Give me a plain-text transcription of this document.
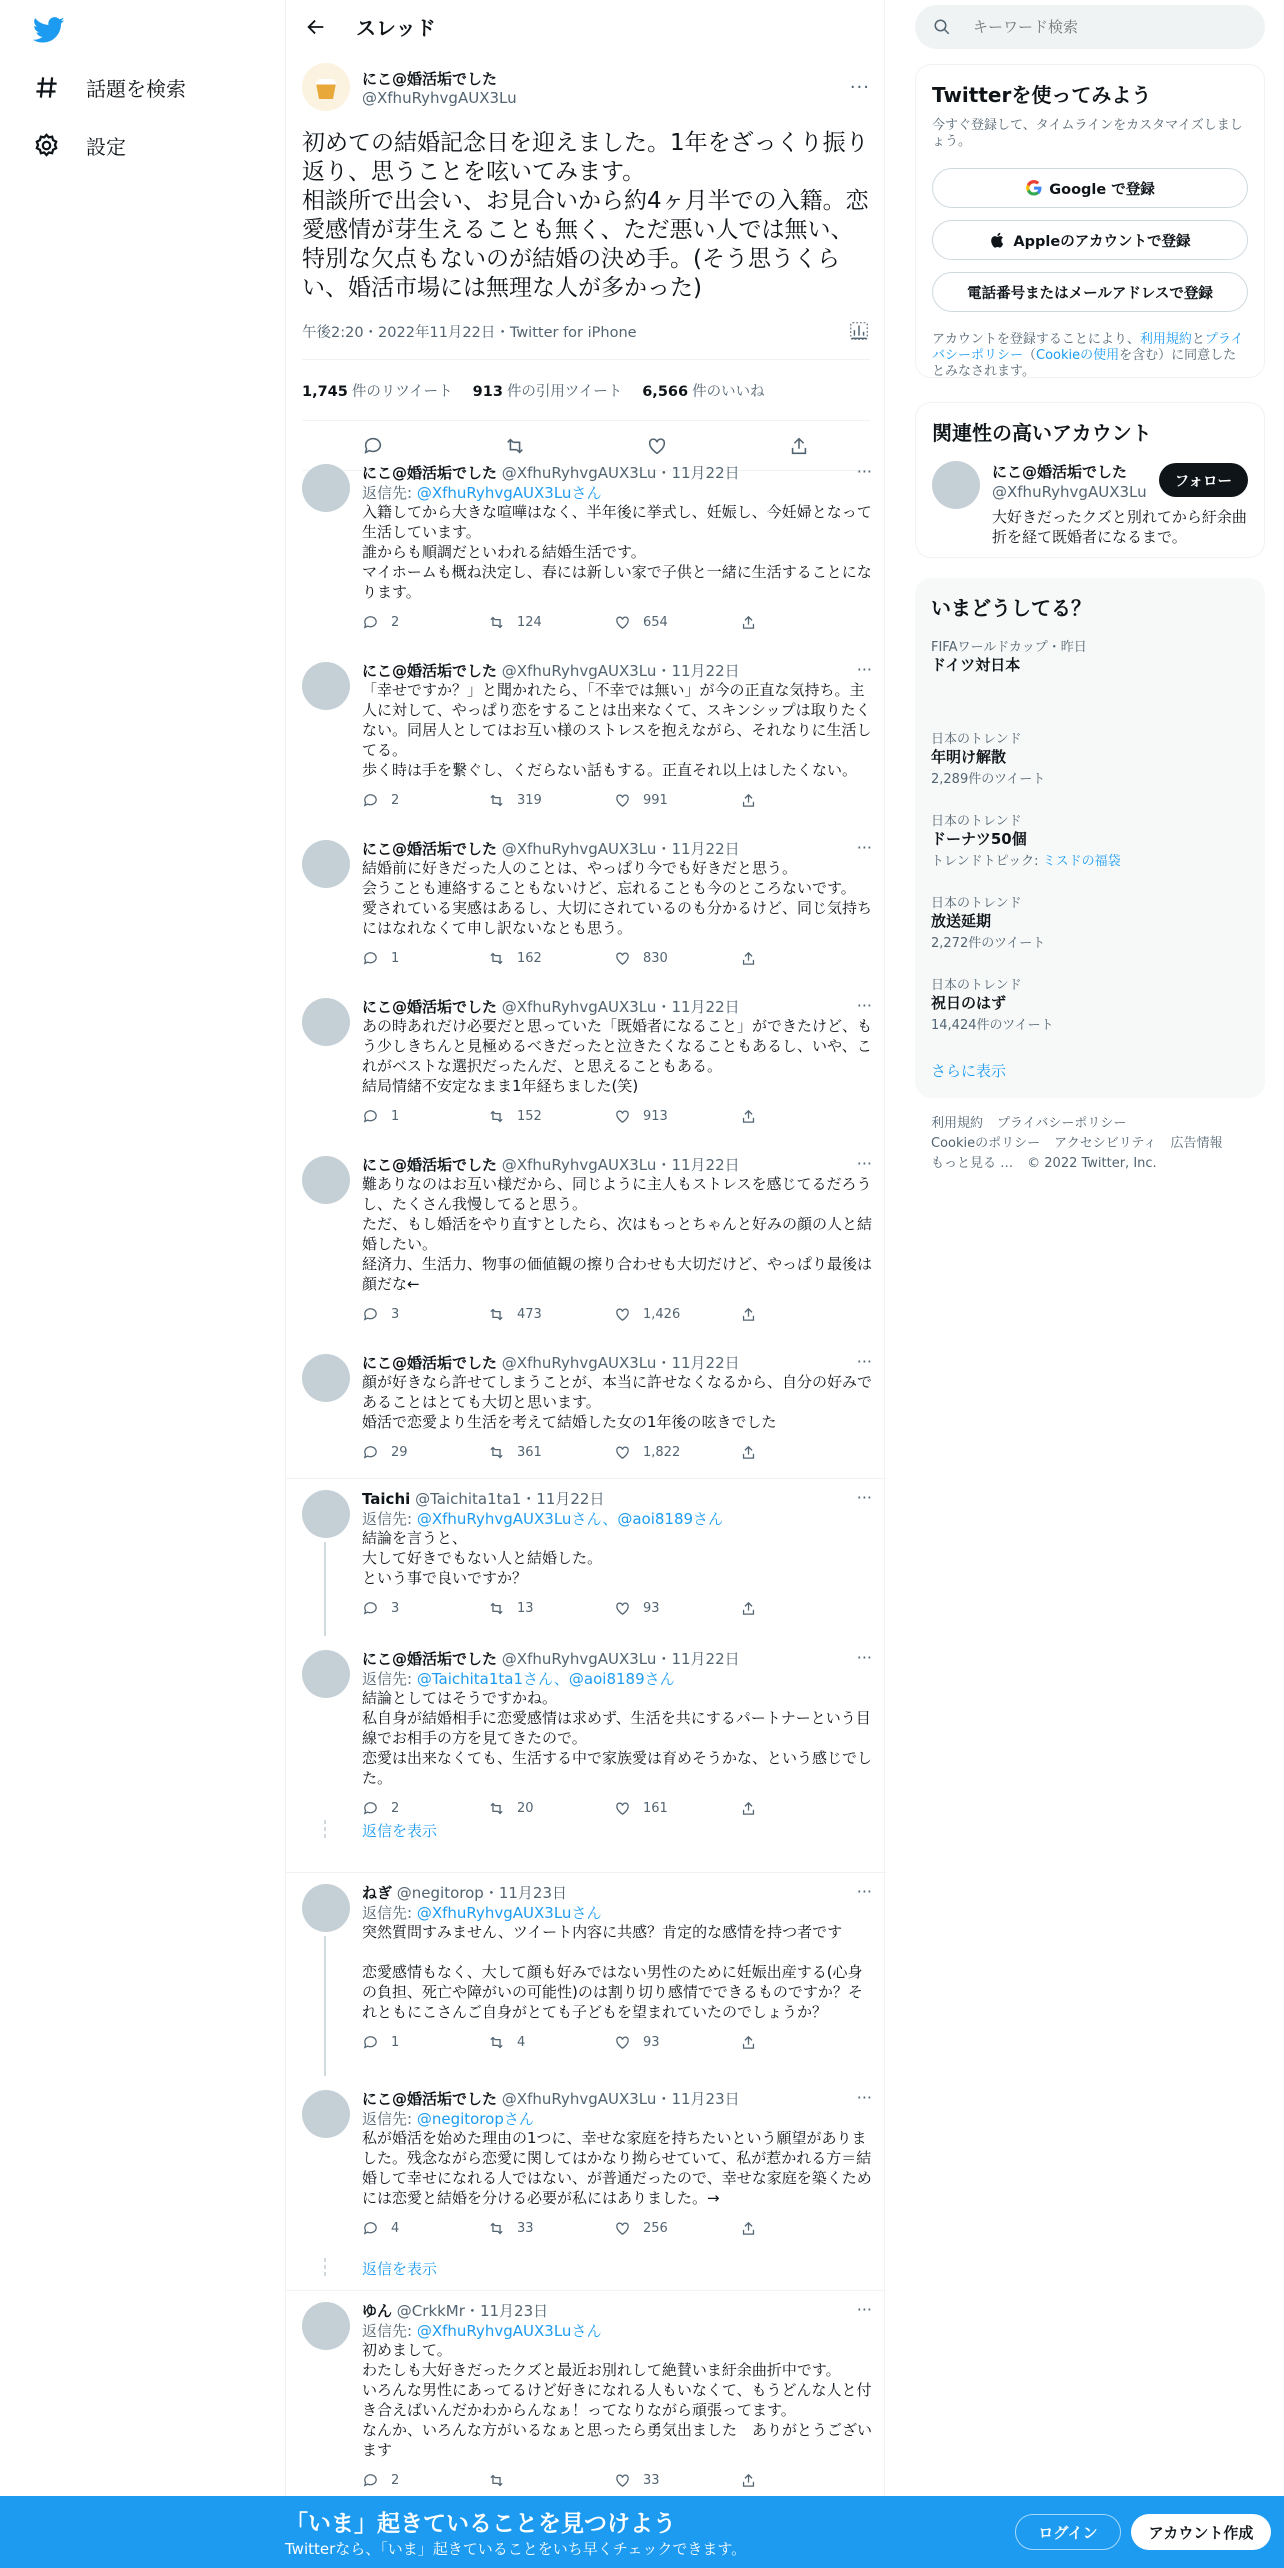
話題を検索
設定
スレッド
にこ@婚活垢でした
@XfhuRyhvgAUX3Lu	···
初めての結婚記念日を迎えました。1年をざっくり振り返り、思うことを呟いてみます。
相談所で出会い、お見合いから約4ヶ月半での入籍。恋愛感情が芽生えることも無く、ただ悪い人では無い、特別な欠点もないのが結婚の決め手。(そう思うくらい、婚活市場には無理な人が多かった)
午後2:20・2022年11月22日・Twitter for iPhone
1,745 件のリツイート 913 件の引用ツイート 6,566 件のいいね
にこ@婚活垢でした @XfhuRyhvgAUX3Lu・11月22日	···
返信先: @XfhuRyhvgAUX3Luさん
入籍してから大きな喧嘩はなく、半年後に挙式し、妊娠し、今妊婦となって生活しています。
誰からも順調だといわれる結婚生活です。
マイホームも概ね決定し、春には新しい家で子供と一緒に生活することになります。
2	124	654
にこ@婚活垢でした @XfhuRyhvgAUX3Lu・11月22日	···
「幸せですか？」と聞かれたら、「不幸では無い」が今の正直な気持ち。主人に対して、やっぱり恋をすることは出来なくて、スキンシップは取りたくない。同居人としてはお互い様のストレスを抱えながら、それなりに生活してる。
歩く時は手を繋ぐし、くだらない話もする。正直それ以上はしたくない。
2	319	991
にこ@婚活垢でした @XfhuRyhvgAUX3Lu・11月22日	···
結婚前に好きだった人のことは、やっぱり今でも好きだと思う。
会うことも連絡することもないけど、忘れることも今のところないです。
愛されている実感はあるし、大切にされているのも分かるけど、同じ気持ちにはなれなくて申し訳ないなとも思う。
1	162	830
にこ@婚活垢でした @XfhuRyhvgAUX3Lu・11月22日	···
あの時あれだけ必要だと思っていた「既婚者になること」ができたけど、もう少しきちんと見極めるべきだったと泣きたくなることもあるし、いや、これがベストな選択だったんだ、と思えることもある。
結局情緒不安定なまま1年経ちました(笑)
1	152	913
にこ@婚活垢でした @XfhuRyhvgAUX3Lu・11月22日	···
難ありなのはお互い様だから、同じように主人もストレスを感じてるだろうし、たくさん我慢してると思う。
ただ、もし婚活をやり直すとしたら、次はもっとちゃんと好みの顔の人と結婚したい。
経済力、生活力、物事の価値観の擦り合わせも大切だけど、やっぱり最後は顔だな←
3	473	1,426
にこ@婚活垢でした @XfhuRyhvgAUX3Lu・11月22日	···
顔が好きなら許せてしまうことが、本当に許せなくなるから、自分の好みであることはとても大切と思います。
婚活で恋愛より生活を考えて結婚した女の1年後の呟きでした
29	361	1,822
Taichi @Taichita1ta1・11月22日	···
返信先: @XfhuRyhvgAUX3Luさん、@aoi8189さん
結論を言うと、
大して好きでもない人と結婚した。
という事で良いですか？
3	13	93
にこ@婚活垢でした @XfhuRyhvgAUX3Lu・11月22日	···
返信先: @Taichita1ta1さん、@aoi8189さん
結論としてはそうですかね。
私自身が結婚相手に恋愛感情は求めず、生活を共にするパートナーという目線でお相手の方を見てきたので。
恋愛は出来なくても、生活する中で家族愛は育めそうかな、という感じでした。
2	20	161
返信を表示
ねぎ @negitorop・11月23日	···
返信先: @XfhuRyhvgAUX3Luさん
突然質問すみません、ツイート内容に共感？肯定的な感情を持つ者です

恋愛感情もなく、大して顔も好みではない男性のために妊娠出産する(心身の負担、死亡や障がいの可能性)のは割り切り感情でできるものですか？それともにこさんご自身がとても子どもを望まれていたのでしょうか？
1	4	93
にこ@婚活垢でした @XfhuRyhvgAUX3Lu・11月23日	···
返信先: @negitoropさん
私が婚活を始めた理由の1つに、幸せな家庭を持ちたいという願望がありました。残念ながら恋愛に関してはかなり拗らせていて、私が惹かれる方＝結婚して幸せになれる人ではない、が普通だったので、幸せな家庭を築くためには恋愛と結婚を分ける必要が私にはありました。→
4	33	256
返信を表示
ゆん @CrkkMr・11月23日	···
返信先: @XfhuRyhvgAUX3Luさん
初めまして。
わたしも大好きだったクズと最近お別れして絶賛いま紆余曲折中です。
いろんな男性にあってるけど好きになれる人もいなくて、もうどんな人と付き合えばいんだかわからんなぁ！ってなりながら頑張ってます。
なんか、いろんな方がいるなぁと思ったら勇気出ました　ありがとうございます
2	33
キーワード検索
Twitterを使ってみよう
今すぐ登録して、タイムラインをカスタマイズしましょう。
Google で登録
Appleのアカウントで登録
電話番号またはメールアドレスで登録
アカウントを登録することにより、利用規約とプライバシーポリシー（Cookieの使用を含む）に同意したとみなされます。
関連性の高いアカウント
にこ@婚活垢でした
@XfhuRyhvgAUX3Lu
大好きだったクズと別れてから紆余曲折を経て既婚者になるまで。
フォロー
いまどうしてる？
FIFAワールドカップ・昨日
ドイツ対日本
日本のトレンド
年明け解散
2,289件のツイート
日本のトレンド
ドーナツ50個
トレンドトピック: ミスドの福袋
日本のトレンド
放送延期
2,272件のツイート
日本のトレンド
祝日のはず
14,424件のツイート
さらに表示
利用規約 プライバシーポリシー
Cookieのポリシー アクセシビリティ 広告情報
もっと見る … © 2022 Twitter, Inc.
「いま」起きていることを見つけよう
Twitterなら、「いま」起きていることをいち早くチェックできます。
ログイン	アカウント作成
